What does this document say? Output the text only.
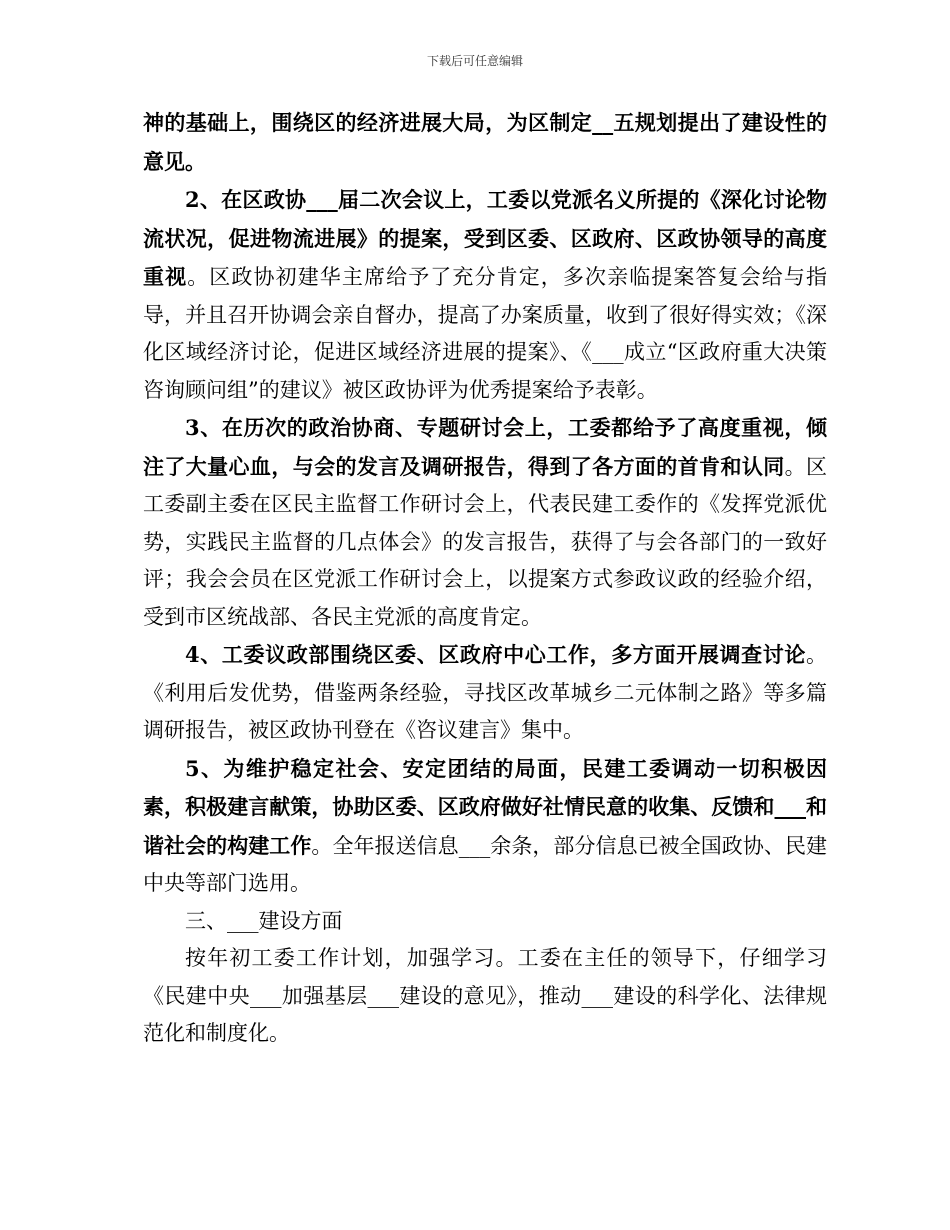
下载后可任意编辑

神的基础上，围绕区的经济进展大局，为区制定__五规划提出了建设性的意见。

2、在区政协___届二次会议上，工委以党派名义所提的《深化讨论物流状况，促进物流进展》的提案，受到区委、区政府、区政协领导的高度重视。区政协初建华主席给予了充分肯定，多次亲临提案答复会给与指导，并且召开协调会亲自督办，提高了办案质量，收到了很好得实效；《深化区域经济讨论，促进区域经济进展的提案》、《___成立“区政府重大决策咨询顾问组”的建议》被区政协评为优秀提案给予表彰。

3、在历次的政治协商、专题研讨会上，工委都给予了高度重视，倾注了大量心血，与会的发言及调研报告，得到了各方面的首肯和认同。区工委副主委在区民主监督工作研讨会上，代表民建工委作的《发挥党派优势，实践民主监督的几点体会》的发言报告，获得了与会各部门的一致好评；我会会员在区党派工作研讨会上，以提案方式参政议政的经验介绍，受到市区统战部、各民主党派的高度肯定。

4、工委议政部围绕区委、区政府中心工作，多方面开展调查讨论。《利用后发优势，借鉴两条经验，寻找区改革城乡二元体制之路》等多篇调研报告，被区政协刊登在《咨议建言》集中。

5、为维护稳定社会、安定团结的局面，民建工委调动一切积极因素，积极建言献策，协助区委、区政府做好社情民意的收集、反馈和___和谐社会的构建工作。全年报送信息___余条，部分信息已被全国政协、民建中央等部门选用。

三、___建设方面

按年初工委工作计划，加强学习。工委在主任的领导下，仔细学习《民建中央___加强基层___建设的意见》，推动___建设的科学化、法律规范化和制度化。
